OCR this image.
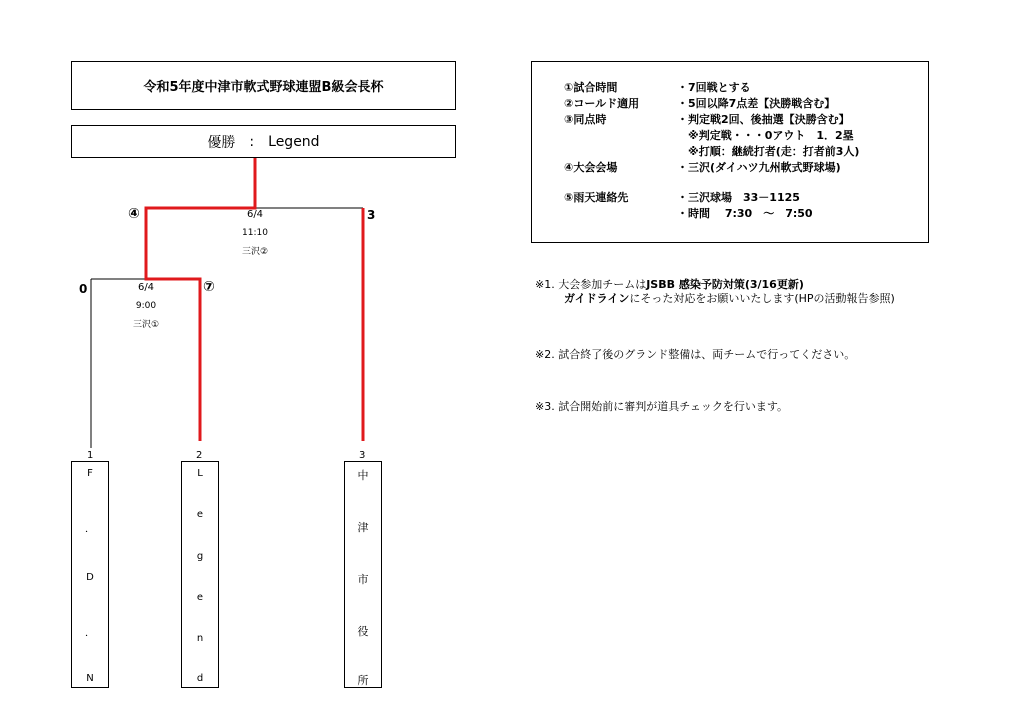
令和5年度中津市軟式野球連盟B級会長杯
優勝 : Legend
④	3
6/4
11:10
三沢②
0	⑦
6/4
9:00
三沢①
1	2	3
F
．
D
．
N
L
e
g
e
n
d
中
津
市
役
所
①試合時間	・7回戦とする
②コールド適用	・5回以降7点差【決勝戦含む】
③同点時	・判定戦2回、後抽選【決勝含む】
　※判定戦・・・0アウト　1．2塁
　※打順：継続打者(走：打者前3人)
④大会会場	・三沢(ダイハツ九州軟式野球場)
⑤雨天連絡先	・三沢球場　33－1125
・時間　 7:30　～　7:50
※1. 大会参加チームはJSBB 感染予防対策(3/16更新)
ガイドラインにそった対応をお願いいたします(HPの活動報告参照)
※2. 試合終了後のグランド整備は、両チームで行ってください。
※3. 試合開始前に審判が道具チェックを行います。
